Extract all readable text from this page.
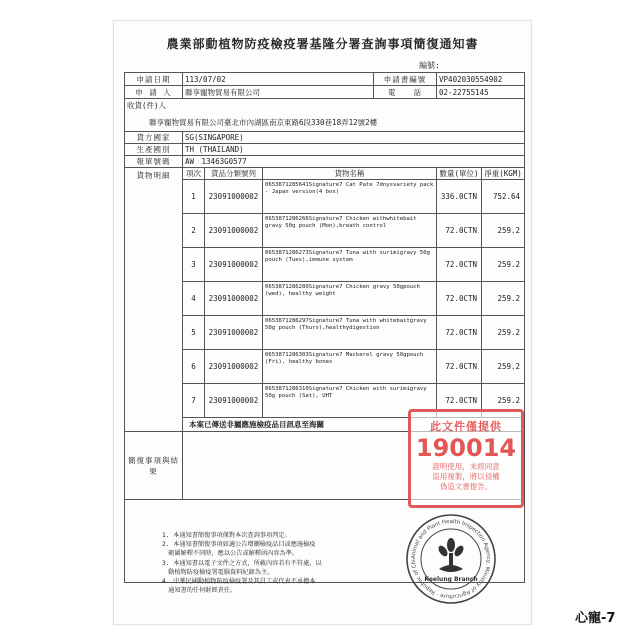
農業部動植物防疫檢疫署基隆分署查詢事項簡復通知書
編號:
申請日期	113/07/02			申請書編號	VP402030554902	
申 請 人	聯享寵物貿易有限公司			電　　話	02-22755145	

收貨(件)人
聯享寵物貿易有限公司臺北市內湖區南京東路6段330巷18弄12號2樓						

貨方國家	SG(SINGAPORE)					
生產國別	TH (THAILAND)					
報單號碼	AW　13463G0577					
貨物明細	項次	貨品分類號列	貨物名稱		數量(單位)	淨重(KGM)
	1	23091000002	0653871285641Signature7 Cat Pate 7dnysvariety pack - Japan version(4 box)		336.0CTN	752.64
	2	23091000002	0653871286266Signature7 Chicken withwhitebait gravy 50g pouch (Mon),breath control		72.0CTN	259.2
	3	23091000002	0653871286273Signature7 Tuna with surimigravy 50g pouch (Tues),immune system		72.0CTN	259.2
	4	23091000002	0653871286280Signature7 Chicken gravy 50gpouch (wed), healthy weight		72.0CTN	259.2
	5	23091000002	0653871286297Signature7 Tuna with whitebaitgravy 50g pouch (Thurs),healthydigestion		72.0CTN	259.2
	6	23091000002	0653871286303Signature7 Mackerel gravy 50gpouch (Fri), healthy bones		72.0CTN	259.2
	7	23091000002	0653871286310Signature7 Chicken with surimigravy 50g pouch (Sat), UHT		72.0CTN	259.2
	本案已傳送非屬應施檢疫品目訊息至海關					
簡復事項與結果						

1. 本通知書簡復事項僅對本次查詢事項判定。
2. 本通知書簡復事項如適公告增刪檢疫品目或應施檢疫
　範圍解釋不同時，應以公告或解釋函內容為準。
3. 本通知書以電子文件之方式，所載內容若有不符處，以
　動植物防疫檢疫署電腦資料紀錄為主。
4. 中華民國動植物防疫檢疫署及其員工或代表不承擔本
　通知書的任何財經責任。
此文件僅提供
190014
證明使用，未經同意
盜用複製，將以侵權
偽造文書提告。
Animal and Plant Health Inspection Agency, Ministry of Agriculture · Republic of Chi
Keelung Branch
心寵-7
